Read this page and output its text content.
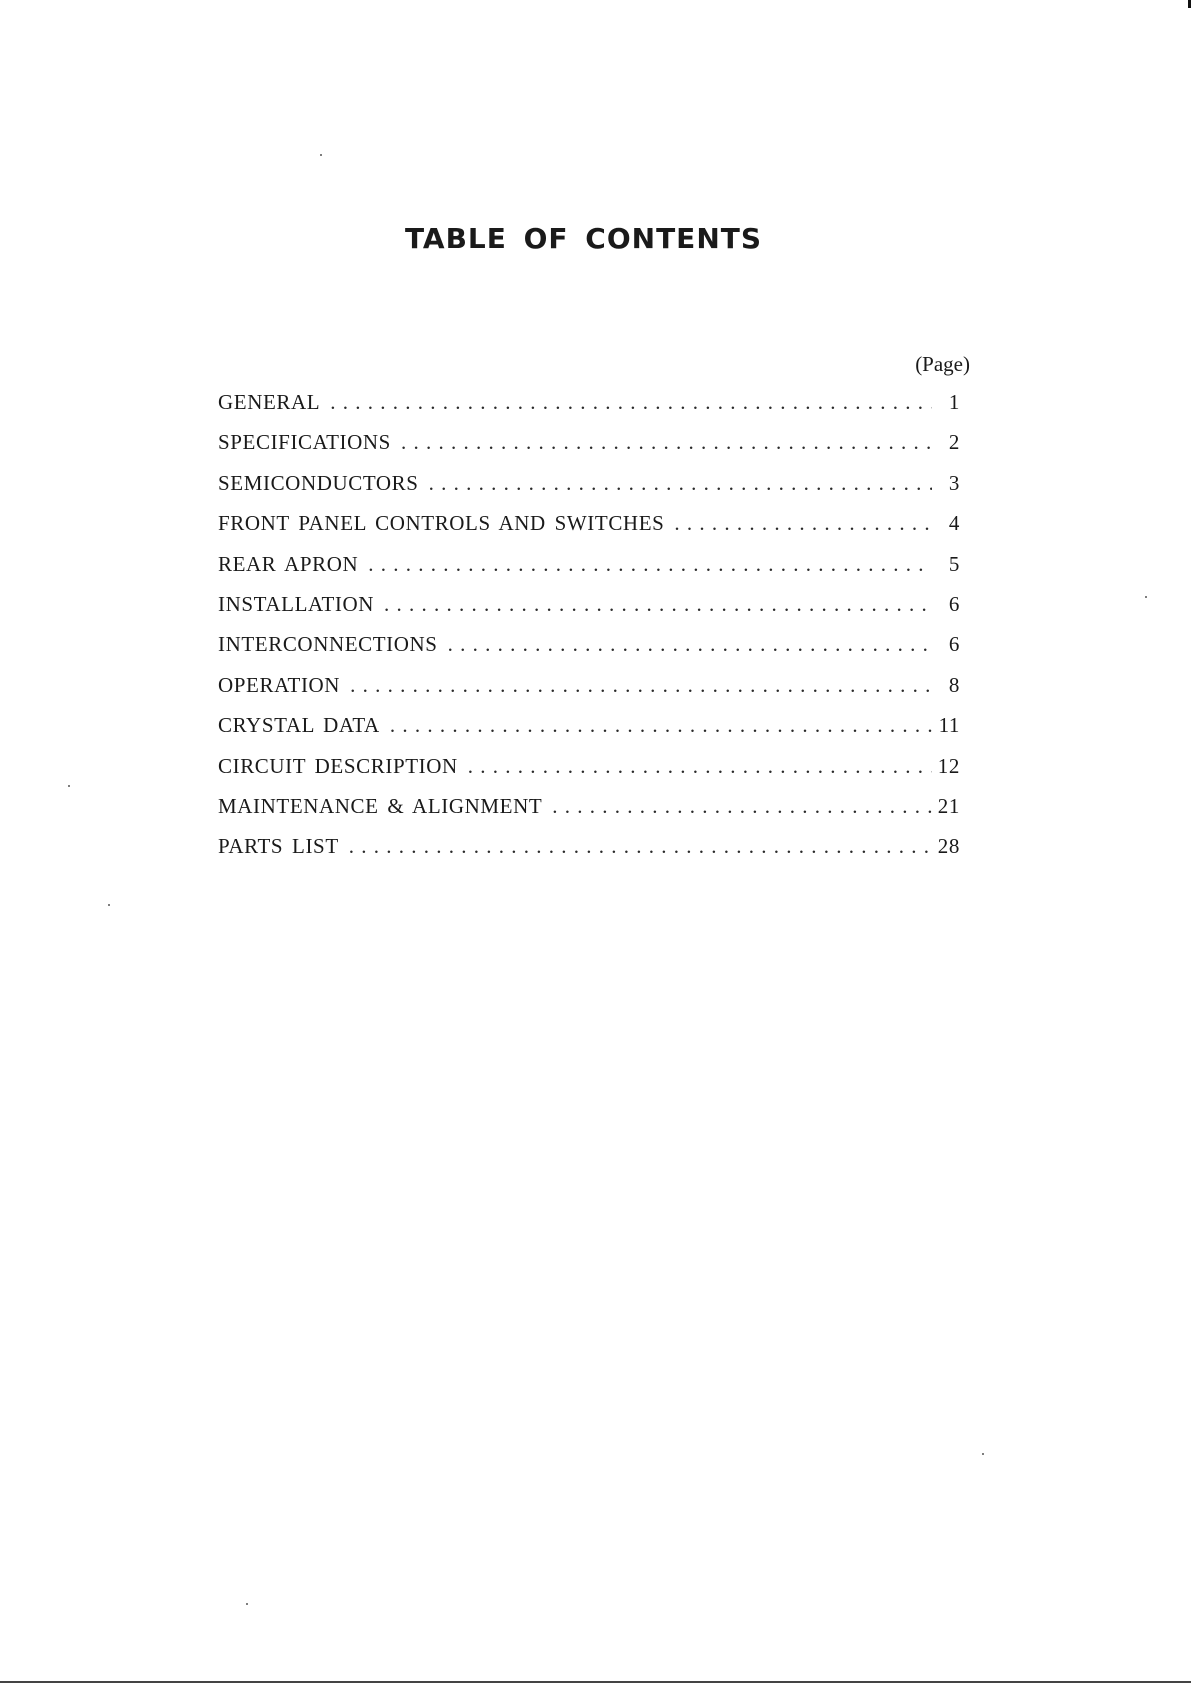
TABLE OF CONTENTS
(Page)
GENERAL . . .	1
SPECIFICATIONS . . .	2
SEMICONDUCTORS . . .	3
FRONT PANEL CONTROLS AND SWITCHES . . .	4
REAR APRON . . .	5
INSTALLATION . . .	6
INTERCONNECTIONS . . .	6
OPERATION . . .	8
CRYSTAL DATA . . .	11
CIRCUIT DESCRIPTION . . .	12
MAINTENANCE & ALIGNMENT . . .	21
PARTS LIST . . .	28
